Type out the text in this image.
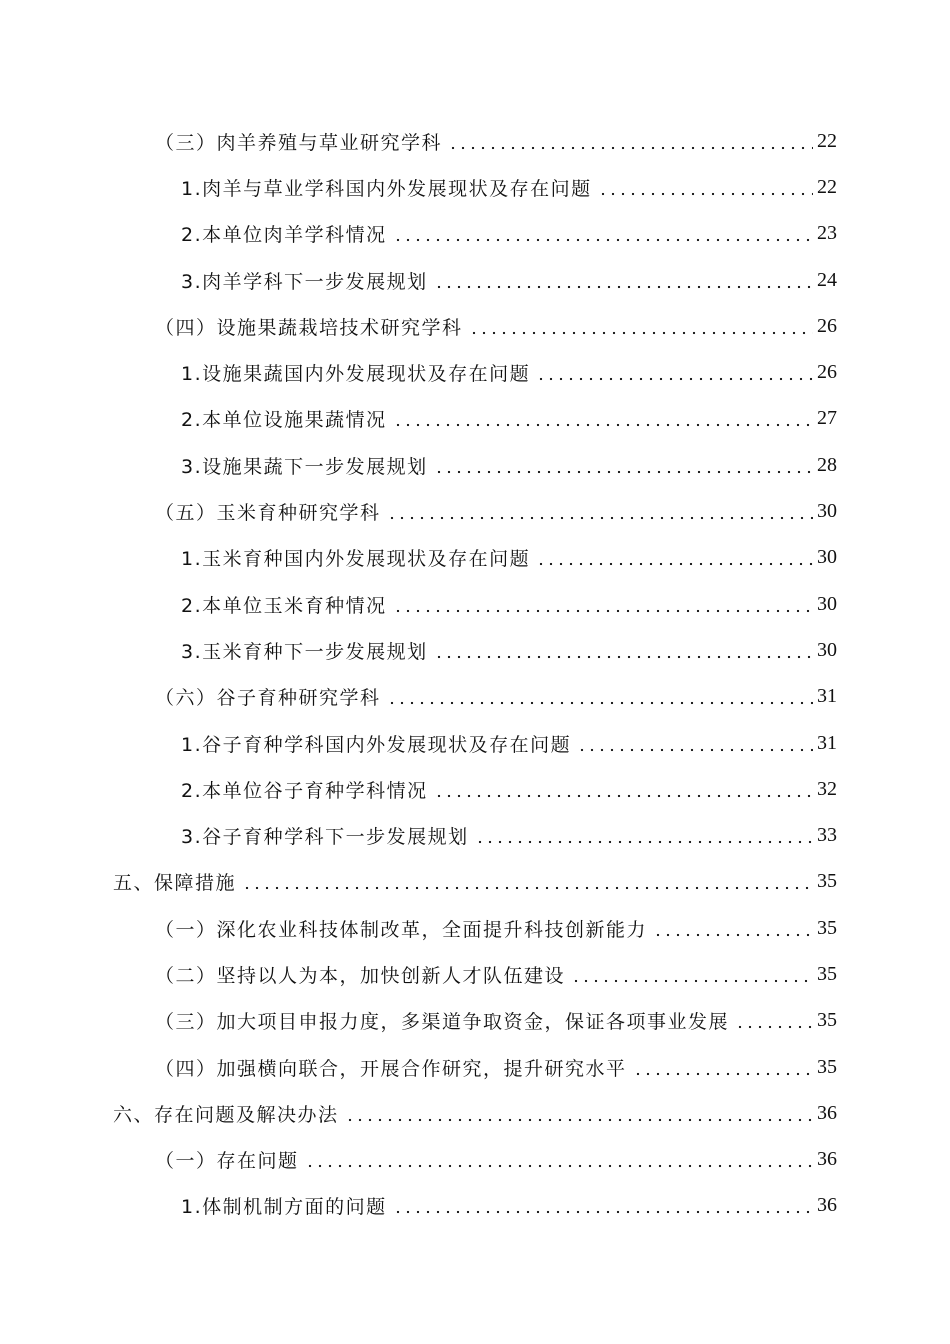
（三）肉羊养殖与草业研究学科	22
1.肉羊与草业学科国内外发展现状及存在问题	22
2.本单位肉羊学科情况	23
3.肉羊学科下一步发展规划	24
（四）设施果蔬栽培技术研究学科	26
1.设施果蔬国内外发展现状及存在问题	26
2.本单位设施果蔬情况	27
3.设施果蔬下一步发展规划	28
（五）玉米育种研究学科	30
1.玉米育种国内外发展现状及存在问题	30
2.本单位玉米育种情况	30
3.玉米育种下一步发展规划	30
（六）谷子育种研究学科	31
1.谷子育种学科国内外发展现状及存在问题	31
2.本单位谷子育种学科情况	32
3.谷子育种学科下一步发展规划	33
五、保障措施	35
（一）深化农业科技体制改革，全面提升科技创新能力	35
（二）坚持以人为本，加快创新人才队伍建设	35
（三）加大项目申报力度，多渠道争取资金，保证各项事业发展	35
（四）加强横向联合，开展合作研究，提升研究水平	35
六、存在问题及解决办法	36
（一）存在问题	36
1.体制机制方面的问题	36
